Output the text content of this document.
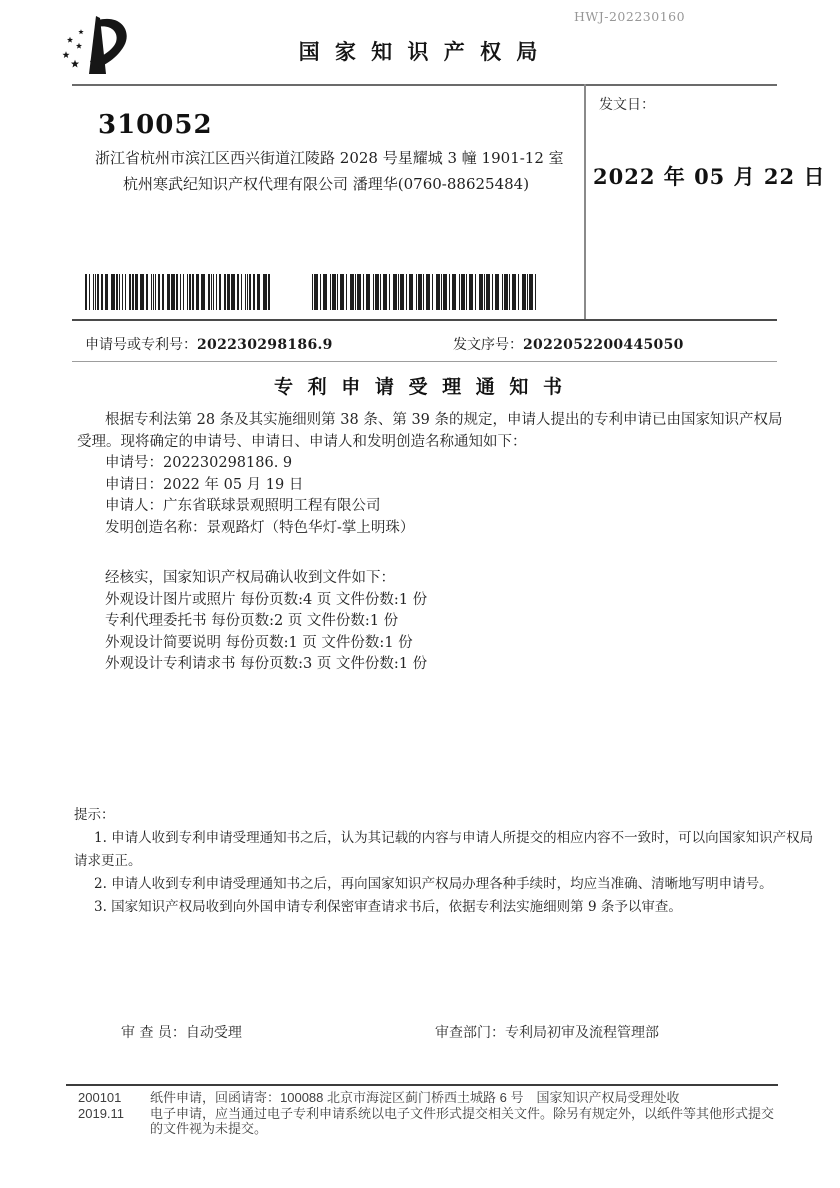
HWJ-202230160
国 家 知 识 产 权 局
310052
浙江省杭州市滨江区西兴街道江陵路 2028 号星耀城 3 幢 1901-12 室
杭州寒武纪知识产权代理有限公司 潘理华(0760-88625484)
发文日：
2022 年 05 月 22 日
申请号或专利号：202230298186.9	发文序号：2022052200445050
专 利 申 请 受 理 通 知 书
根据专利法第 28 条及其实施细则第 38 条、第 39 条的规定，申请人提出的专利申请已由国家知识产权局
受理。现将确定的申请号、申请日、申请人和发明创造名称通知如下：
申请号：202230298186. 9
申请日：2022 年 05 月 19 日
申请人：广东省联球景观照明工程有限公司
发明创造名称：景观路灯（特色华灯-掌上明珠）
经核实，国家知识产权局确认收到文件如下：
外观设计图片或照片 每份页数:4 页 文件份数:1 份
专利代理委托书 每份页数:2 页 文件份数:1 份
外观设计简要说明 每份页数:1 页 文件份数:1 份
外观设计专利请求书 每份页数:3 页 文件份数:1 份
提示：
1. 申请人收到专利申请受理通知书之后，认为其记载的内容与申请人所提交的相应内容不一致时，可以向国家知识产权局
请求更正。
2. 申请人收到专利申请受理通知书之后，再向国家知识产权局办理各种手续时，均应当准确、清晰地写明申请号。
3. 国家知识产权局收到向外国申请专利保密审查请求书后，依据专利法实施细则第 9 条予以审查。
审 查 员：自动受理	审查部门：专利局初审及流程管理部
200101	纸件申请，回函请寄：100088 北京市海淀区蓟门桥西土城路 6 号　国家知识产权局受理处收
2019.11	电子申请，应当通过电子专利申请系统以电子文件形式提交相关文件。除另有规定外，以纸件等其他形式提交的文件视为未提交。
